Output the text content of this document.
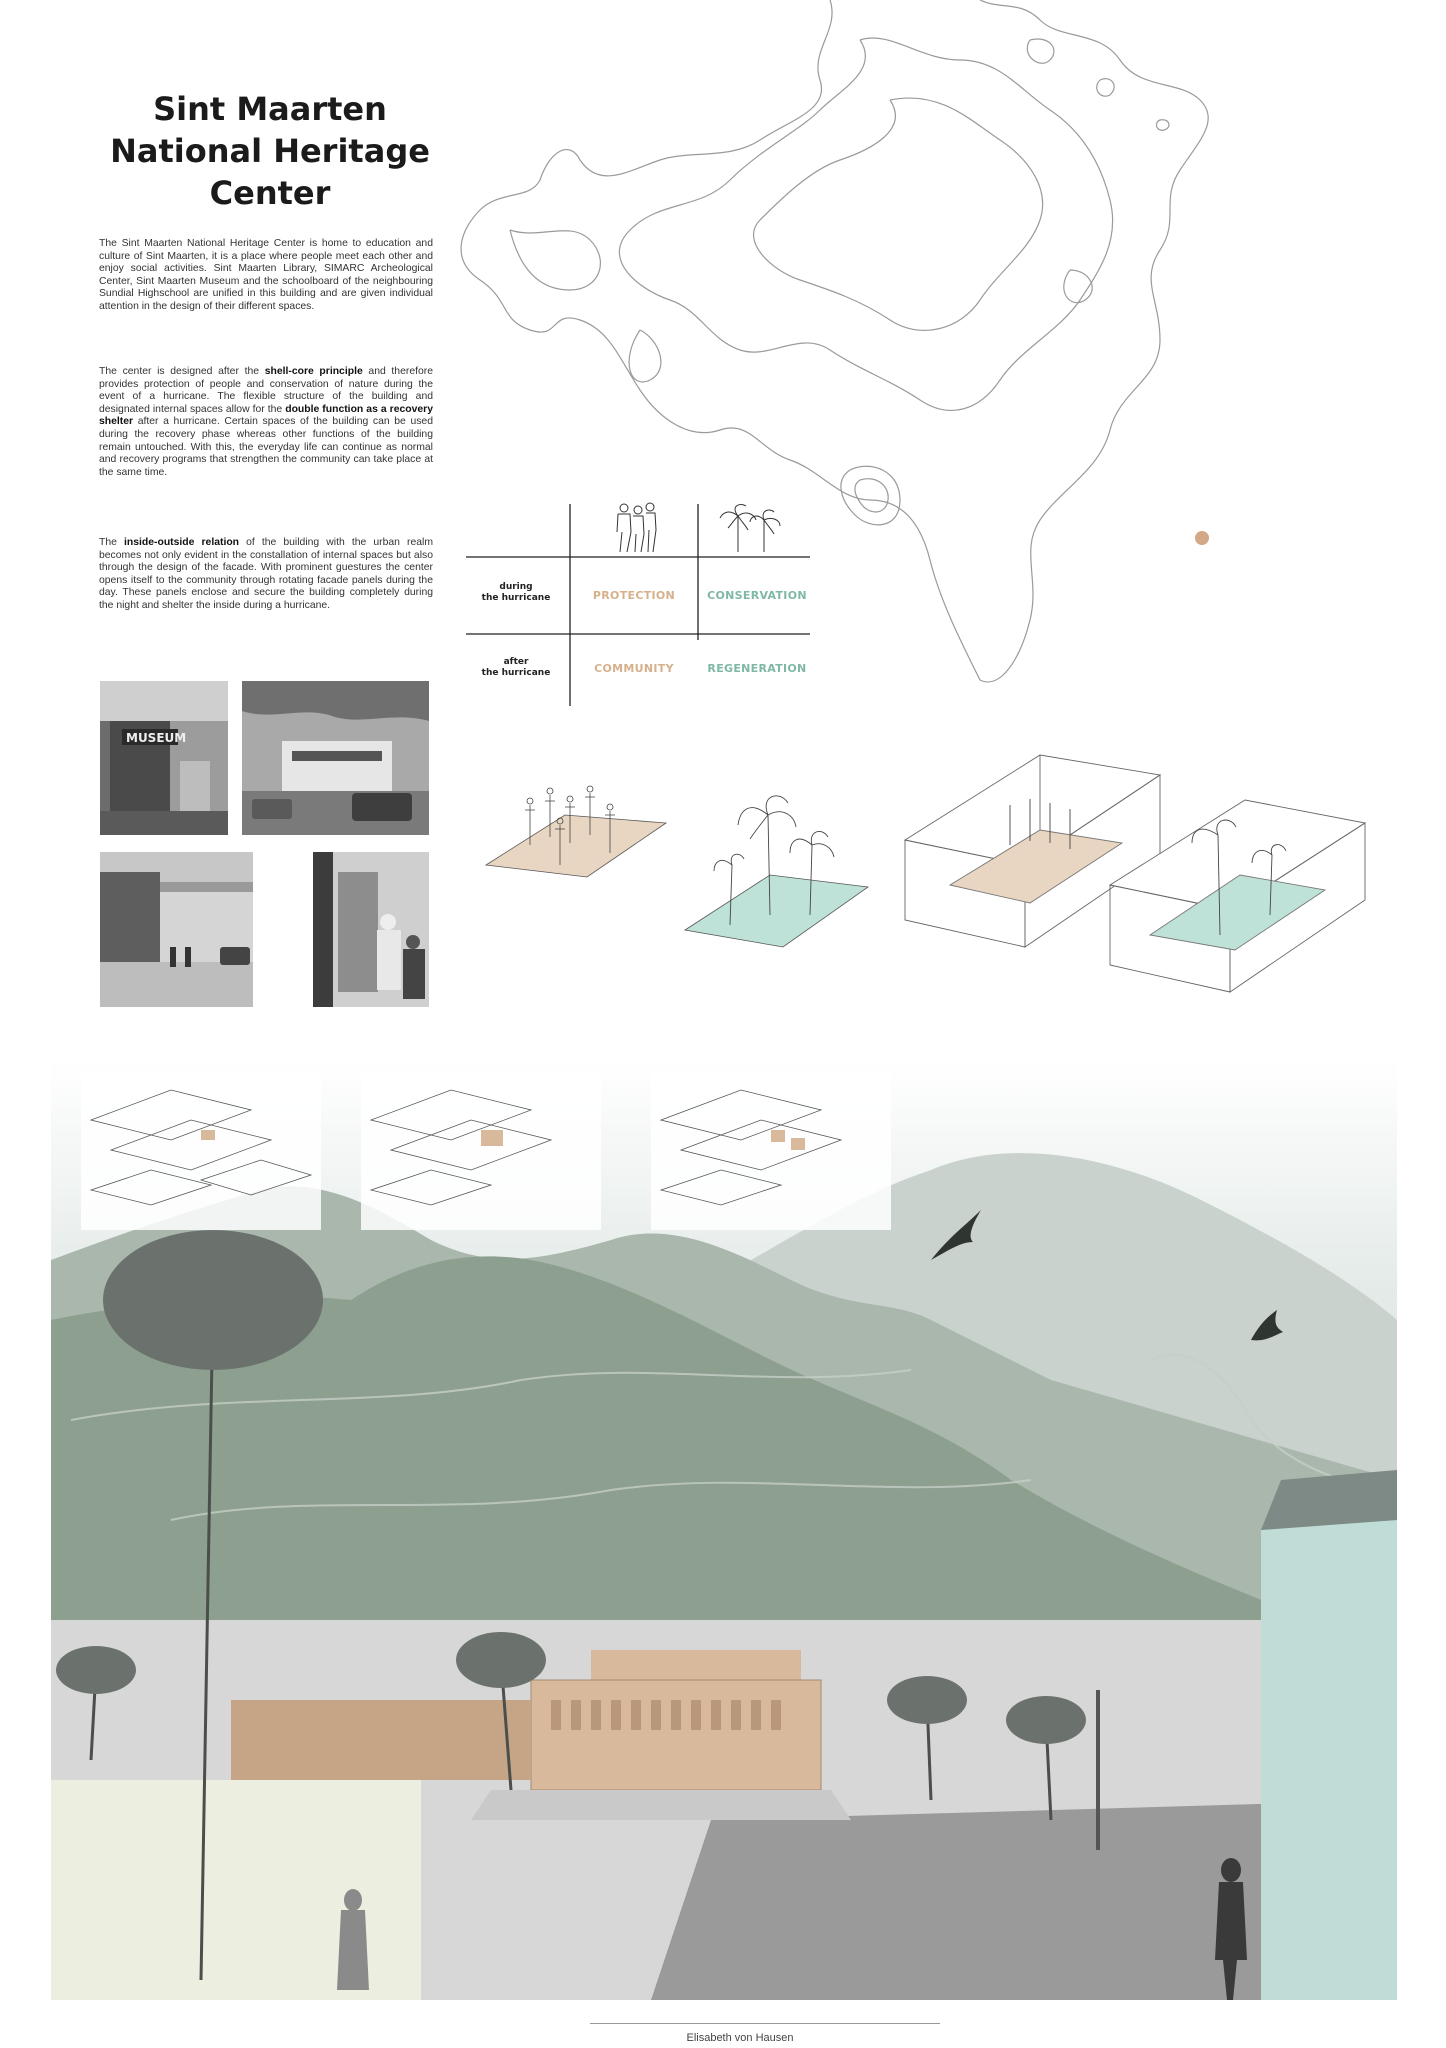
Sint Maarten
National Heritage
Center
The Sint Maarten National Heritage Center is home to education and culture of Sint Maarten, it is a place where people meet each other and enjoy social activities. Sint Maarten Library, SIMARC Archeological Center, Sint Maarten Museum and the schoolboard of the neighbouring Sundial Highschool are unified in this building and are given individual attention in the design of their different spaces.
The center is designed after the shell-core principle and therefore provides protection of people and conservation of nature during the event of a hurricane. The flexible structure of the building and designated internal spaces allow for the double function as a recovery shelter after a hurricane. Certain spaces of the building can be used during the recovery phase whereas other functions of the building remain untouched. With this, the everyday life can continue as normal and recovery programs that strengthen the community can take place at the same time.
The inside-outside relation of the building with the urban realm becomes not only evident in the constallation of internal spaces but also through the design of the facade. With prominent guestures the center opens itself to the community through rotating facade panels during the day. These panels enclose and secure the building completely during the night and shelter the inside during a hurricane.
during
the hurricane
after
the hurricane
PROTECTION	CONSERVATION
COMMUNITY	REGENERATION
MUSEUM
Elisabeth von Hausen
